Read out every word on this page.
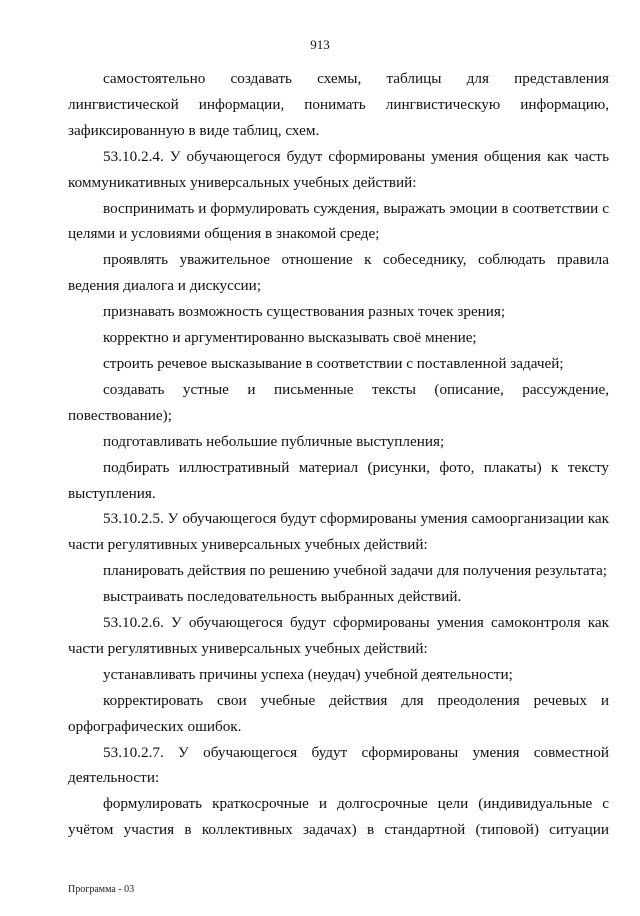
913

самостоятельно создавать схемы, таблицы для представления лингвистической информации, понимать лингвистическую информацию, зафиксированную в виде таблиц, схем.

53.10.2.4. У обучающегося будут сформированы умения общения как часть коммуникативных универсальных учебных действий:

воспринимать и формулировать суждения, выражать эмоции в соответствии с целями и условиями общения в знакомой среде;

проявлять уважительное отношение к собеседнику, соблюдать правила ведения диалога и дискуссии;

признавать возможность существования разных точек зрения;

корректно и аргументированно высказывать своё мнение;

строить речевое высказывание в соответствии с поставленной задачей;

создавать устные и письменные тексты (описание, рассуждение, повествование);

подготавливать небольшие публичные выступления;

подбирать иллюстративный материал (рисунки, фото, плакаты) к тексту выступления.

53.10.2.5. У обучающегося будут сформированы умения самоорганизации как части регулятивных универсальных учебных действий:

планировать действия по решению учебной задачи для получения результата;

выстраивать последовательность выбранных действий.

53.10.2.6. У обучающегося будут сформированы умения самоконтроля как части регулятивных универсальных учебных действий:

устанавливать причины успеха (неудач) учебной деятельности;

корректировать свои учебные действия для преодоления речевых и орфографических ошибок.

53.10.2.7. У обучающегося будут сформированы умения совместной деятельности:

формулировать краткосрочные и долгосрочные цели (индивидуальные с учётом участия в коллективных задачах) в стандартной (типовой) ситуации

Программа - 03
